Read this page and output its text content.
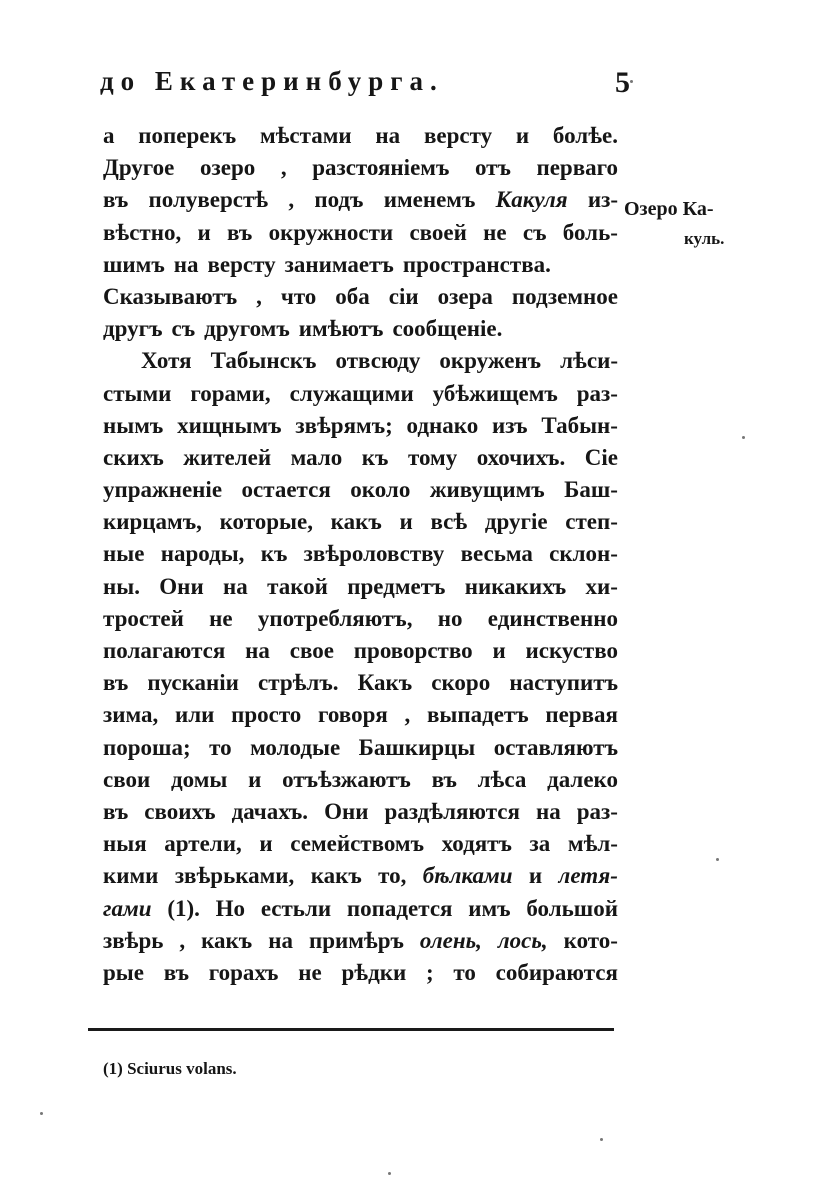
до Екатеринбурга.	5
а поперекъ мѣстами на версту и болѣе.
Другое озеро , разстояніемъ отъ перваго
въ полуверстѣ , подъ именемъ Какуля из-
вѣстно, и въ окружности своей не съ боль-
шимъ на версту занимаетъ пространства.
Сказываютъ , что оба сіи озера подземное
другъ съ другомъ имѣютъ сообщеніе.
Хотя Табынскъ отвсюду окруженъ лѣси-
стыми горами, служащими убѣжищемъ раз-
нымъ хищнымъ звѣрямъ; однако изъ Табын-
скихъ жителей мало къ тому охочихъ. Сіе
упражненіе остается около живущимъ Баш-
кирцамъ, которые, какъ и всѣ другіе степ-
ные народы, къ звѣроловству весьма склон-
ны. Они на такой предметъ никакихъ хи-
тростей не употребляютъ, но единственно
полагаются на свое проворство и искуство
въ пусканіи стрѣлъ. Какъ скоро наступитъ
зима, или просто говоря , выпадетъ первая
пороша; то молодые Башкирцы оставляютъ
свои домы и отъѣзжаютъ въ лѣса далеко
въ своихъ дачахъ. Они раздѣляются на раз-
ныя артели, и семействомъ ходятъ за мѣл-
кими звѣрьками, какъ то, бѣлками и летя-
гами (1). Но естьли попадется имъ большой
звѣрь , какъ на примѣръ олень, лось, кото-
рые въ горахъ не рѣдки ; то собираются
Озеро Ка-
куль.
(1) Sciurus volans.
